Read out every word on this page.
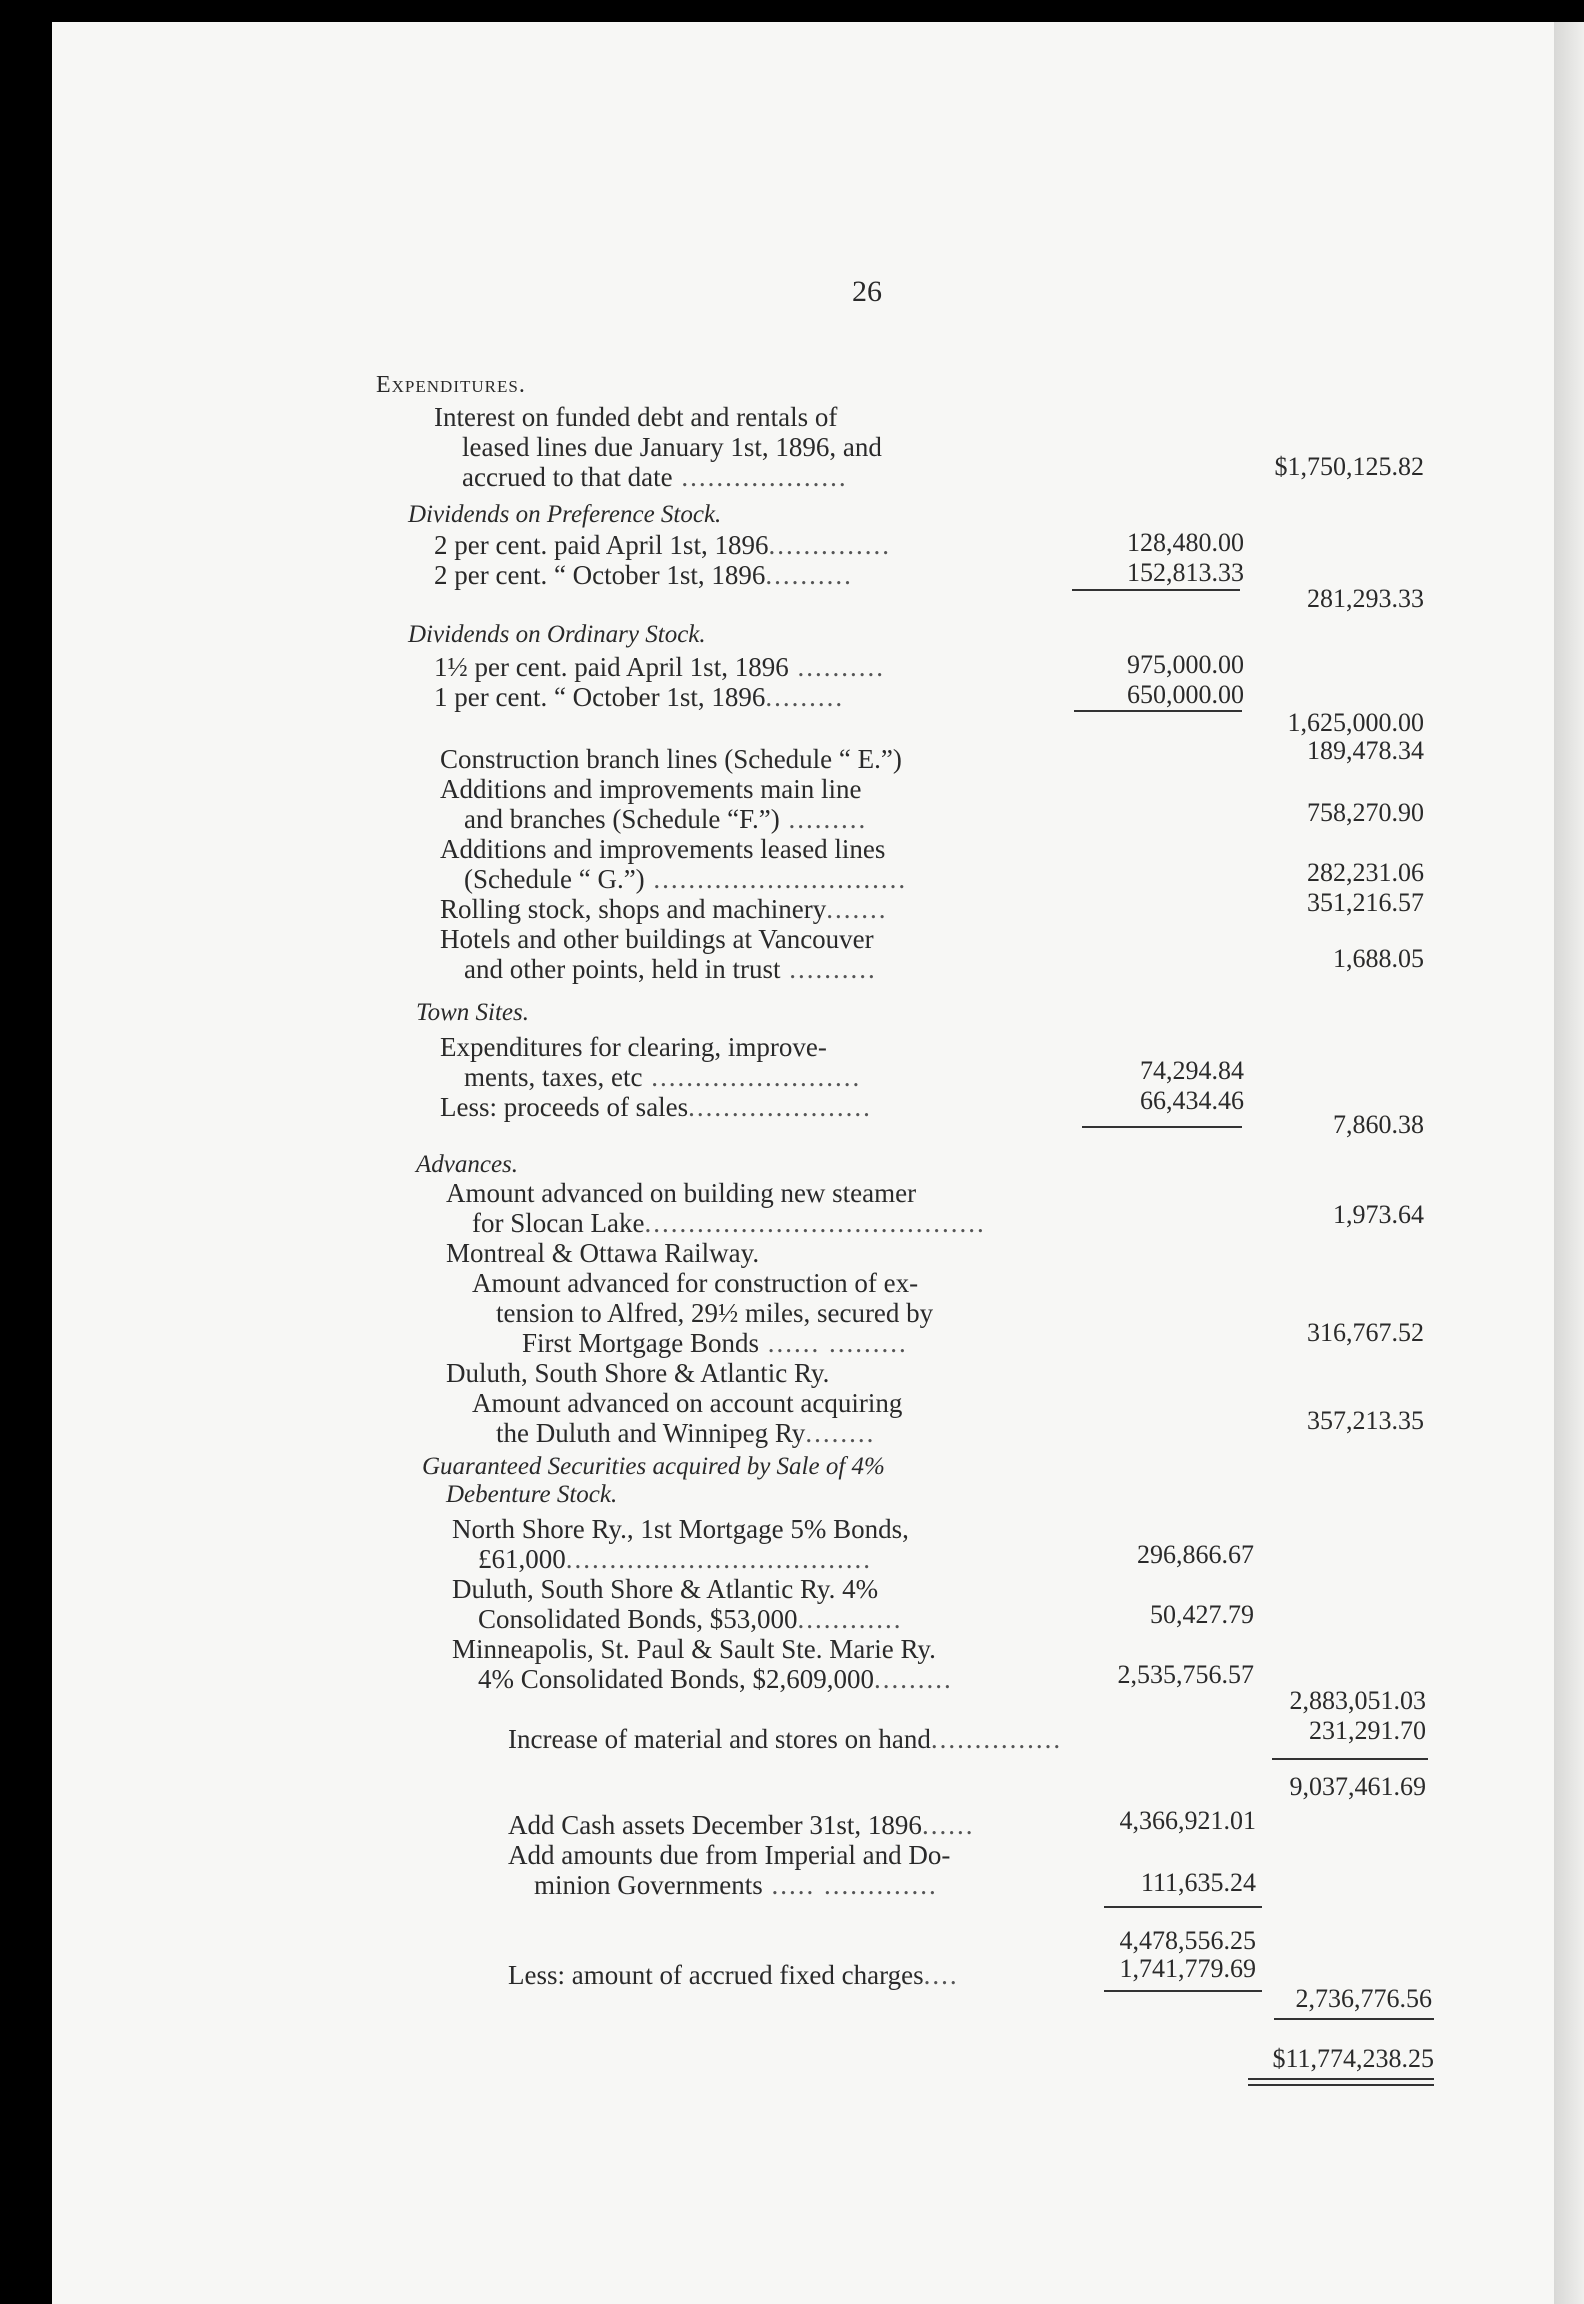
26
Expenditures.
Interest on funded debt and rentals of
leased lines due January 1st, 1896, and
accrued to that date ...................	$1,750,125.82
Dividends on Preference Stock.
2 per cent. paid April 1st, 1896..............	128,480.00
2 per cent. “ October 1st, 1896..........	152,813.33
281,293.33
Dividends on Ordinary Stock.
1½ per cent. paid April 1st, 1896 ..........	975,000.00
1 per cent. “ October 1st, 1896.........	650,000.00
1,625,000.00
Construction branch lines (Schedule “ E.”)	189,478.34
Additions and improvements main line
and branches (Schedule “F.”) .........	758,270.90
Additions and improvements leased lines
(Schedule “ G.”) .............................	282,231.06
Rolling stock, shops and machinery.......	351,216.57
Hotels and other buildings at Vancouver
and other points, held in trust ..........	1,688.05
Town Sites.
Expenditures for clearing, improve-
ments, taxes, etc ........................	74,294.84
Less: proceeds of sales.....................	66,434.46
7,860.38
Advances.
Amount advanced on building new steamer
for Slocan Lake.......................................	1,973.64
Montreal & Ottawa Railway.
Amount advanced for construction of ex-
tension to Alfred, 29½ miles, secured by
First Mortgage Bonds ...... .........	316,767.52
Duluth, South Shore & Atlantic Ry.
Amount advanced on account acquiring
the Duluth and Winnipeg Ry........	357,213.35
Guaranteed Securities acquired by Sale of 4%
Debenture Stock.
North Shore Ry., 1st Mortgage 5% Bonds,
£61,000...................................	296,866.67
Duluth, South Shore & Atlantic Ry. 4%
Consolidated Bonds, $53,000............	50,427.79
Minneapolis, St. Paul & Sault Ste. Marie Ry.
4% Consolidated Bonds, $2,609,000.........	2,535,756.57
2,883,051.03
Increase of material and stores on hand...............	231,291.70
9,037,461.69
Add Cash assets December 31st, 1896......	4,366,921.01
Add amounts due from Imperial and Do-
minion Governments ..... .............	111,635.24
4,478,556.25
Less: amount of accrued fixed charges....	1,741,779.69
2,736,776.56
$11,774,238.25
